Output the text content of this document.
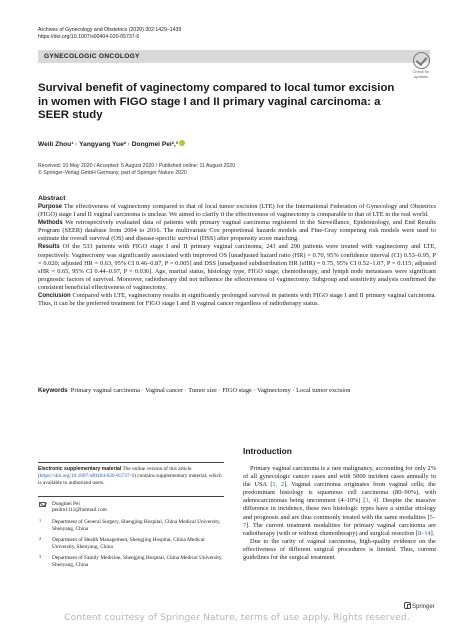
Archives of Gynecology and Obstetrics (2020) 302:1429–1439
https://doi.org/10.1007/s00404-020-05737-6
GYNECOLOGIC ONCOLOGY
Check for
updates
Survival benefit of vaginectomy compared to local tumor excision in women with FIGO stage I and II primary vaginal carcinoma: a SEER study
Weili Zhou¹ · Yangyang Yue² · Dongmei Pei²,³
Received: 10 May 2020 / Accepted: 5 August 2020 / Published online: 11 August 2020
© Springer-Verlag GmbH Germany, part of Springer Nature 2020
Abstract

Purpose The effectiveness of vaginectomy compared to that of local tumor excision (LTE) for the International Federation of Gynecology and Obstetrics (FIGO) stage I and II vaginal carcinoma is unclear. We aimed to clarify if the effectiveness of vaginectomy is comparable to that of LTE in the real world.

Methods We retrospectively evaluated data of patients with primary vaginal carcinoma registered in the Surveillance, Epidemiology, and End Results Program (SEER) database from 2004 to 2016. The multivariate Cox proportional hazards models and Fine-Gray competing risk models were used to estimate the overall survival (OS) and disease-specific survival (DSS) after propensity score matching.

Results Of the 533 patients with FIGO stage I and II primary vaginal carcinoma, 243 and 290 patients were treated with vaginectomy and LTE, respectively. Vaginectomy was significantly associated with improved OS [unadjusted hazard ratio (HR) = 0.70, 95% confidence interval (CI) 0.53–0.95, P = 0.020; adjusted HR = 0.63, 95% CI 0.46–0.87, P = 0.005] and DSS [unadjusted subdistribution HR (sHR) = 0.75, 95% CI 0.52–1.07, P = 0.115; adjusted sHR = 0.65, 95% CI 0.44–0.97, P = 0.036]. Age, marital status, histology type, FIGO stage, chemotherapy, and lymph node metastases were significant prognostic factors of survival. Moreover, radiotherapy did not influence the effectiveness of vaginectomy. Subgroup and sensitivity analysis confirmed the consistent beneficial effectiveness of vaginectomy.

Conclusion Compared with LTE, vaginectomy results in significantly prolonged survival in patients with FIGO stage I and II primary vaginal carcinoma. Thus, it can be the preferred treatment for FIGO stage I and II vaginal cancer regardless of radiotherapy status.

Keywords Primary vaginal carcinoma · Vaginal cancer · Tumor size · FIGO stage · Vaginectomy · Local tumor excision
Electronic supplementary material The online version of this article (https://doi.org/10.1007/s00404-020-05737-6) contains supplementary material, which is available to authorized users.
Dongmei Pei
peidm1111@hotmail.com
1 Department of General Surgery, Shengjing Hospital, China Medical University, Shenyang, China
2 Department of Health Management, Shengjing Hospital, China Medical University, Shenyang, China
3 Department of Family Medicine, Shengjing Hospital, China Medical University, Shenyang, China
Introduction

Primary vaginal carcinoma is a rare malignancy, accounting for only 2% of all gynecologic cancer cases and with 5000 incident cases annually in the USA [1, 2]. Vaginal carcinoma originates from vaginal cells; the predominant histology is squamous cell carcinoma (80–90%), with adenocarcinomas being uncommon (4–10%) [3, 4]. Despite the massive difference in incidence, these two histologic types have a similar etiology and prognosis and are thus commonly treated with the same modalities [5–7]. The current treatment modalities for primary vaginal carcinoma are radiotherapy (with or without chemotherapy) and surgical resection [8–14].

Due to the rarity of vaginal carcinoma, high-quality evidence on the effectiveness of different surgical procedures is limited. Thus, current guidelines for the surgical treatment

Springer
Content courtesy of Springer Nature, terms of use apply. Rights reserved.
